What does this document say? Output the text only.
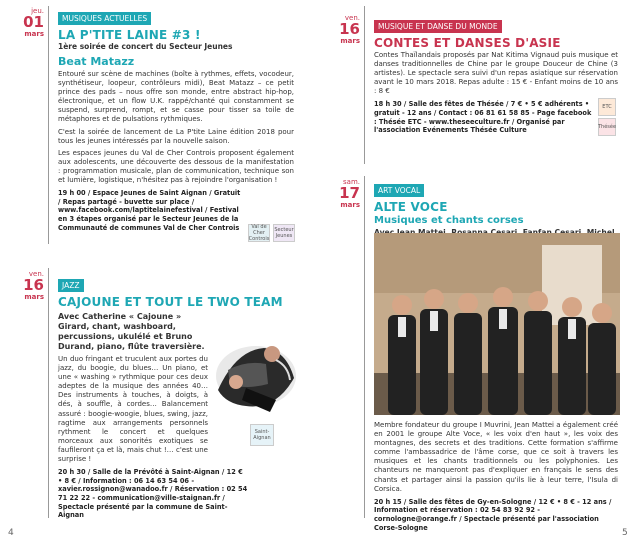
jeu.
01
mars
MUSIQUES ACTUELLES
LA P'TITE LAINE #3 !
1ère soirée de concert du Secteur Jeunes
Beat Matazz

Entouré sur scène de machines (boîte à rythmes, effets, vocodeur, synthétiseur, loopeur, contrôleurs midi), Beat Matazz – ce petit prince des pads – nous offre son monde, entre abstract hip-hop, électronique, et un flow U.K. rappé/chanté qui constamment se suspend, surprend, rompt, et se casse pour tisser sa toile de métaphores et de pulsations rythmiques.

C'est la soirée de lancement de La P'tite Laine édition 2018 pour tous les jeunes intéressés par la nouvelle saison.

Les espaces jeunes du Val de Cher Controis proposent également aux adolescents, une découverte des dessous de la manifestation : programmation musicale, plan de communication, technique son et lumière, logistique, n'hésitez pas à rejoindre l'organisation !

19 h 00 / Espace Jeunes de Saint Aignan / Gratuit / Repas partagé - buvette sur place / www.facebook.com/laptitelainefestival / Festival en 3 étapes organisé par le Secteur Jeunes de la Communauté de communes Val de Cher Controis	Val de Cher Controis
Secteur Jeunes
ven.
16
mars
JAZZ
CAJOUNE ET TOUT LE TWO TEAM
Avec Catherine « Cajoune » Girard, chant, washboard, percussions, ukulélé et Bruno Durand, piano, flûte traversière.

Un duo fringant et truculent aux portes du jazz, du boogie, du blues… Un piano, et une « washing » rythmique pour ces deux adeptes de la musique des années 40… Des instruments à touches, à doigts, à dés, à souffle, à cordes… Balancement assuré : boogie-woogie, blues, swing, jazz, ragtime aux arrangements personnels rythment le concert et quelques morceaux aux sonorités exotiques se faufileront ça et là, mais chut !… c'est une surprise !

20 h 30 / Salle de la Prévôté à Saint-Aignan / 12 € • 8 € / Information : 06 14 63 54 06 - xavier.rossignon@wanadoo.fr / Réservation : 02 54 71 22 22 - communication@ville-staignan.fr / Spectacle présenté par la commune de Saint-Aignan
Saint-Aignan
4
ven.
16
mars
MUSIQUE ET DANSE DU MONDE
CONTES ET DANSES D'ASIE

Contes Thaïlandais proposés par Nat Kitima Vignaud puis musique et danses traditionnelles de Chine par le groupe Douceur de Chine (3 artistes). Le spectacle sera suivi d'un repas asiatique sur réservation avant le 10 mars 2018. Repas adulte : 15 € - Enfant moins de 10 ans : 8 €

18 h 30 / Salle des fêtes de Thésée / 7 € • 5 € adhérents • gratuit - 12 ans / Contact : 06 81 61 58 85 - Page facebook : Thésée ETC - www.theseeculture.fr / Organisé par l'association Evénements Thésée Culture
ETC
Thésée
sam.
17
mars
ART VOCAL
ALTE VOCE
Musiques et chants corses

Membre fondateur du groupe I Muvrini, Jean Mattei a également créé en 2001 le groupe Alte Voce, « les voix d'en haut », les voix des montagnes, des secrets et des traditions. Cette formation s'affirme comme l'ambassadrice de l'âme corse, que ce soit à travers les musiques et les chants traditionnels ou les polyphonies. Les chanteurs ne manqueront pas d'expliquer en français le sens des chants et partager ainsi la passion qu'ils lie à leur terre, l'Isula di Corsica.

20 h 15 / Salle des fêtes de Gy-en-Sologne / 12 € • 8 € - 12 ans / Information et réservation : 02 54 83 92 92 - cornologne@orange.fr / Spectacle présenté par l'association Corse-Sologne
5
